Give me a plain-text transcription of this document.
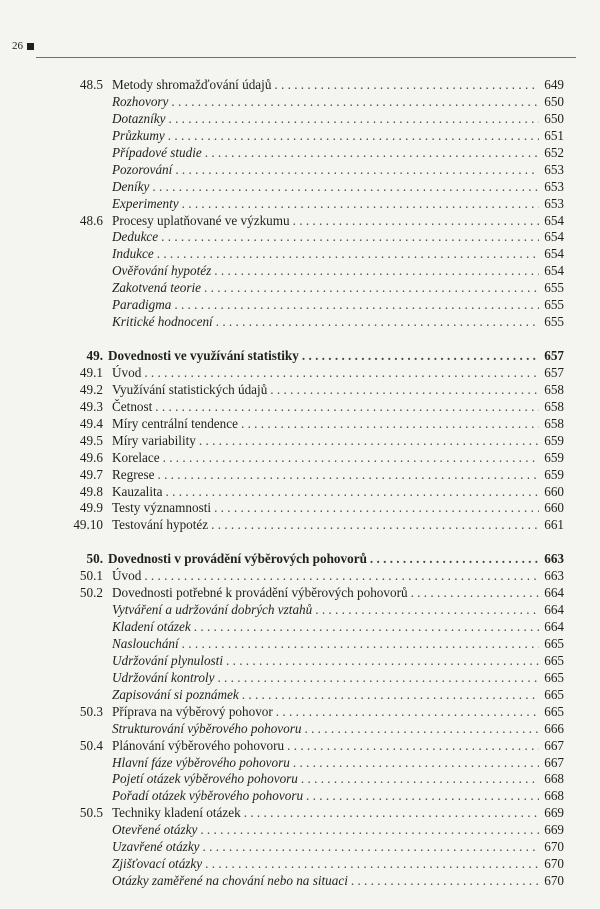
26
48.5 Metody shromažďování údajů . . .	649
Rozhovory . . .	650
Dotazníky . . .	650
Průzkumy . . .	651
Případové studie . . .	652
Pozorování . . .	653
Deníky . . .	653
Experimenty . . .	653
48.6 Procesy uplatňované ve výzkumu . . .	654
Dedukce . . .	654
Indukce . . .	654
Ověřování hypotéz . . .	654
Zakotvená teorie . . .	655
Paradigma . . .	655
Kritické hodnocení . . .	655
49. Dovednosti ve využívání statistiky . . .	657
49.1 Úvod . . .	657
49.2 Využívání statistických údajů . . .	658
49.3 Četnost . . .	658
49.4 Míry centrální tendence . . .	658
49.5 Míry variability . . .	659
49.6 Korelace . . .	659
49.7 Regrese . . .	659
49.8 Kauzalita . . .	660
49.9 Testy významnosti . . .	660
49.10 Testování hypotéz . . .	661
50. Dovednosti v provádění výběrových pohovorů . . .	663
50.1 Úvod . . .	663
50.2 Dovednosti potřebné k provádění výběrových pohovorů . . .	664
Vytváření a udržování dobrých vztahů . . .	664
Kladení otázek . . .	664
Naslouchání . . .	665
Udržování plynulosti . . .	665
Udržování kontroly . . .	665
Zapisování si poznámek . . .	665
50.3 Příprava na výběrový pohovor . . .	665
Strukturování výběrového pohovoru . . .	666
50.4 Plánování výběrového pohovoru . . .	667
Hlavní fáze výběrového pohovoru . . .	667
Pojetí otázek výběrového pohovoru . . .	668
Pořadí otázek výběrového pohovoru . . .	668
50.5 Techniky kladení otázek . . .	669
Otevřené otázky . . .	669
Uzavřené otázky . . .	670
Zjišťovací otázky . . .	670
Otázky zaměřené na chování nebo na situaci . . .	670
